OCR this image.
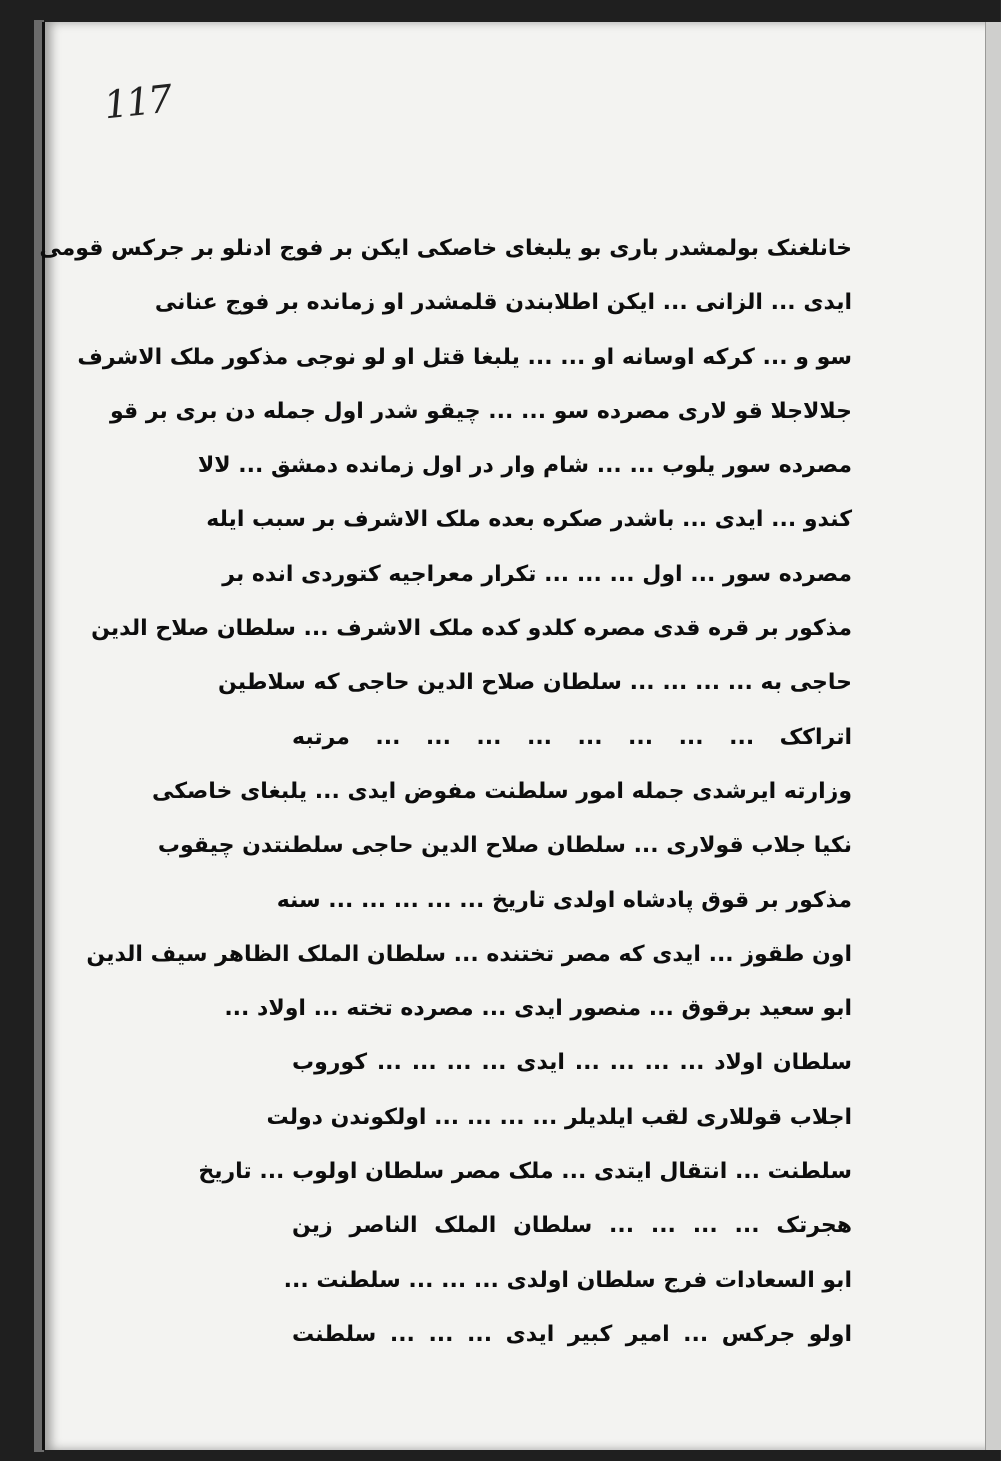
117
خانلغنک بولمشدر باری بو یلبغای خاصکی ایکن بر فوج ادنلو بر جرکس قومی
ایدی ... الزانی ... ایکن اطلابندن قلمشدر او زمانده بر فوج عنانی
سو و ... کرکه اوسانه او ... ... یلبغا قتل او لو نوجی مذکور ملک الاشرف
جلالاجلا قو لاری مصرده سو ... ... چیقو شدر اول جمله دن بری بر قو
مصرده سور یلوب ... ... شام وار در اول زمانده دمشق ... لالا
کندو ... ایدی ... باشدر صکره بعده ملک الاشرف بر سبب ایله
مصرده سور ... اول ... ... ... تکرار معراجیه کتوردی انده بر
مذکور بر قره قدی مصره کلدو کده ملک الاشرف ... سلطان صلاح الدین
حاجی به ... ... ... ... سلطان صلاح الدین حاجی که سلاطین
اتراکک ... ... ... ... ... ... ... ... مرتبه
وزارته ایرشدی جمله امور سلطنت مفوض ایدی ... یلبغای خاصکی
نکیا جلاب قولاری ... سلطان صلاح الدین حاجی سلطنتدن چیقوب
مذکور بر قوق پادشاه اولدی تاریخ ... ... ... ... ... سنه
اون طقوز ... ایدی که مصر تختنده ... سلطان الملک الظاهر سیف الدین
ابو سعید برقوق ... منصور ایدی ... مصرده تخته ... اولاد ...
سلطان اولاد ... ... ... ... ایدی ... ... ... ... کوروب
اجلاب قوللاری لقب ایلدیلر ... ... ... ... اولکوندن دولت
سلطنت ... انتقال ایتدی ... ملک مصر سلطان اولوب ... تاریخ
هجرتک ... ... ... ... سلطان الملک الناصر زین
ابو السعادات فرج سلطان اولدی ... ... ... سلطنت ...
اولو جرکس ... امیر کبیر ایدی ... ... ... سلطنت
